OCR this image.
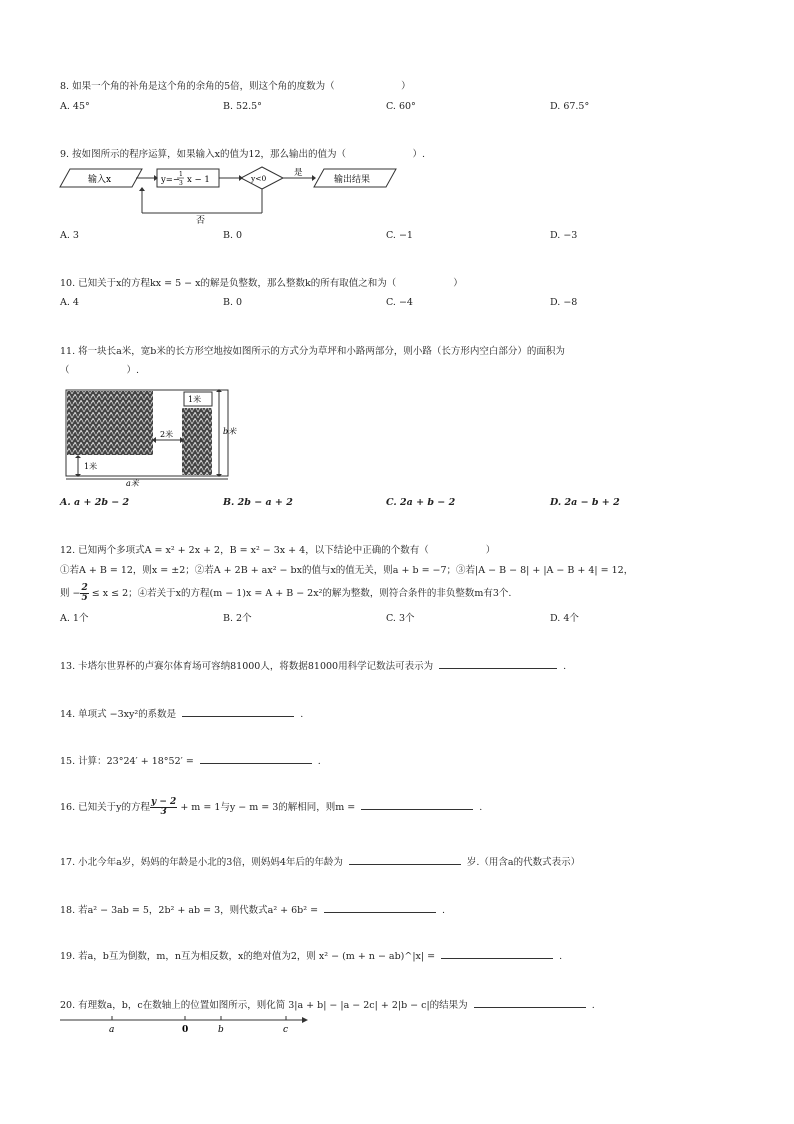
8. 如果一个角的补角是这个角的余角的5倍，则这个角的度数为（　　　　　　　）
A. 45°	B. 52.5°	C. 60°	D. 67.5°
9. 按如图所示的程序运算，如果输入x的值为12，那么输出的值为（　　　　　　　）.
输入x	y=−
1
3 x − 1	y<0
是
输出结果
否
A. 3	B. 0	C. −1	D. −3
10. 已知关于x的方程kx = 5 − x的解是负整数，那么整数k的所有取值之和为（　　　　　　）
A. 4	B. 0	C. −4	D. −8
11. 将一块长a米，宽b米的长方形空地按如图所示的方式分为草坪和小路两部分，则小路（长方形内空白部分）的面积为
（　　　　　　）.
1米
2米
1米
b米
a米
A. a + 2b − 2	B. 2b − a + 2	C. 2a + b − 2	D. 2a − b + 2
12. 已知两个多项式A = x² + 2x + 2，B = x² − 3x + 4，以下结论中正确的个数有（　　　　　　）
①若A + B = 12，则x = ±2；②若A + 2B + ax² − bx的值与x的值无关，则a + b = −7；③若|A − B − 8| + |A − B + 4| = 12，
则 − $\frac{2}{5} \le x \le 2$；④若关于x的方程(m − 1)x = A + B − 2x²的解为整数，则符合条件的非负整数m有3个.
A. 1个	B. 2个	C. 3个	D. 4个
13. 卡塔尔世界杯的卢赛尔体育场可容纳81000人，将数据81000用科学记数法可表示为	.
14. 单项式 −3xy²的系数是	.
15. 计算：23°24′ + 18°52′ =	.
16. 已知关于y的方程 $\frac{y - 2}{3} + m = 1$与y − m = 3的解相同，则m =	.
17. 小北今年a岁，妈妈的年龄是小北的3倍，则妈妈4年后的年龄为	岁.（用含a的代数式表示）
18. 若a² − 3ab = 5，2b² + ab = 3，则代数式a² + 6b² =	.
19. 若a，b互为倒数，m，n互为相反数，x的绝对值为2，则 x² − (m + n − ab)^|x| =	.
20. 有理数a，b，c在数轴上的位置如图所示，则化简 3|a + b| − |a − 2c| + 2|b − c|的结果为	.
a	0	b	c
